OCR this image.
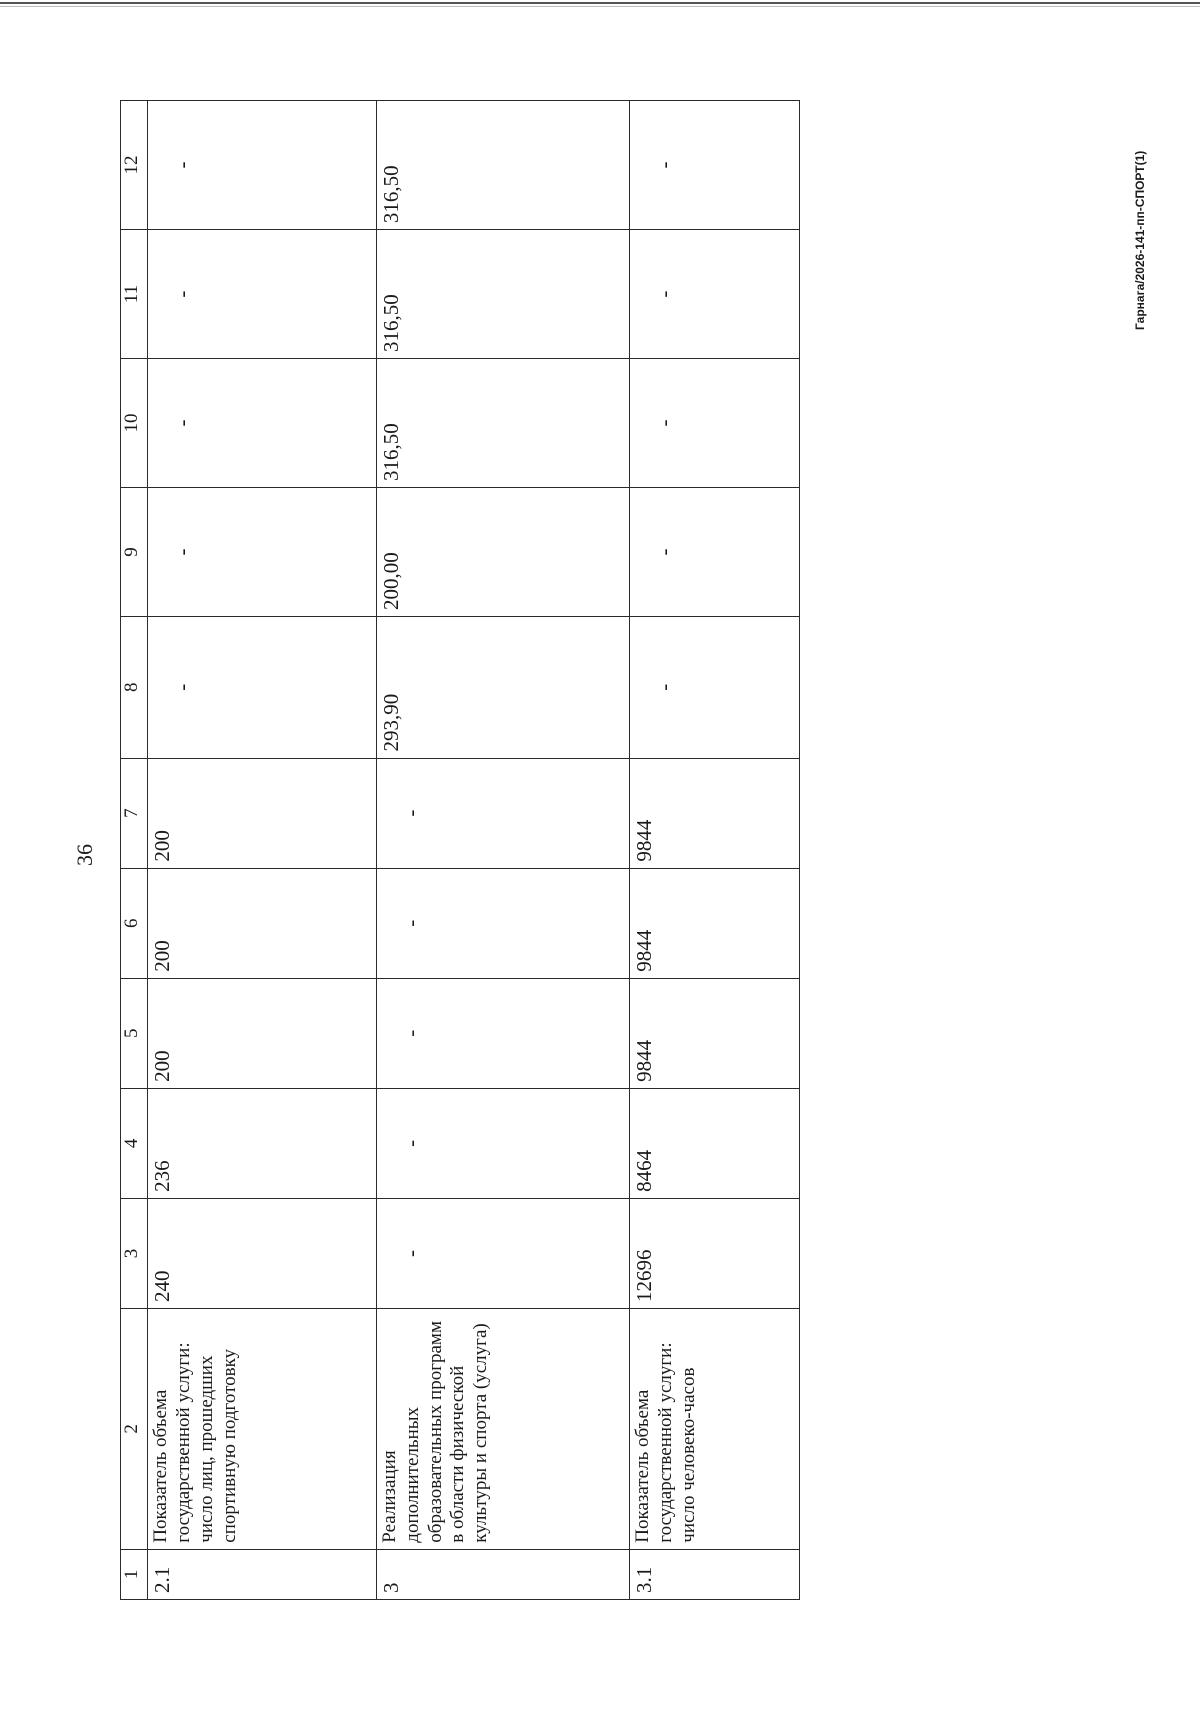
36
Гарнага/2026-141-пп-СПОРТ(1)
1	2	3	4	5	6	7	8	9	10	11	12
2.1	Показатель объема государственной услуги: число лиц, прошедших спортивную подготовку	240	236	200	200	200	-	-	-	-	-
3	Реализация дополнительных образовательных программ в области физической культуры и спорта (услуга)	-	-	-	-	-	293,90	200,00	316,50	316,50	316,50
3.1	Показатель объема государственной услуги: число человеко-часов	12696	8464	9844	9844	9844	-	-	-	-	-
